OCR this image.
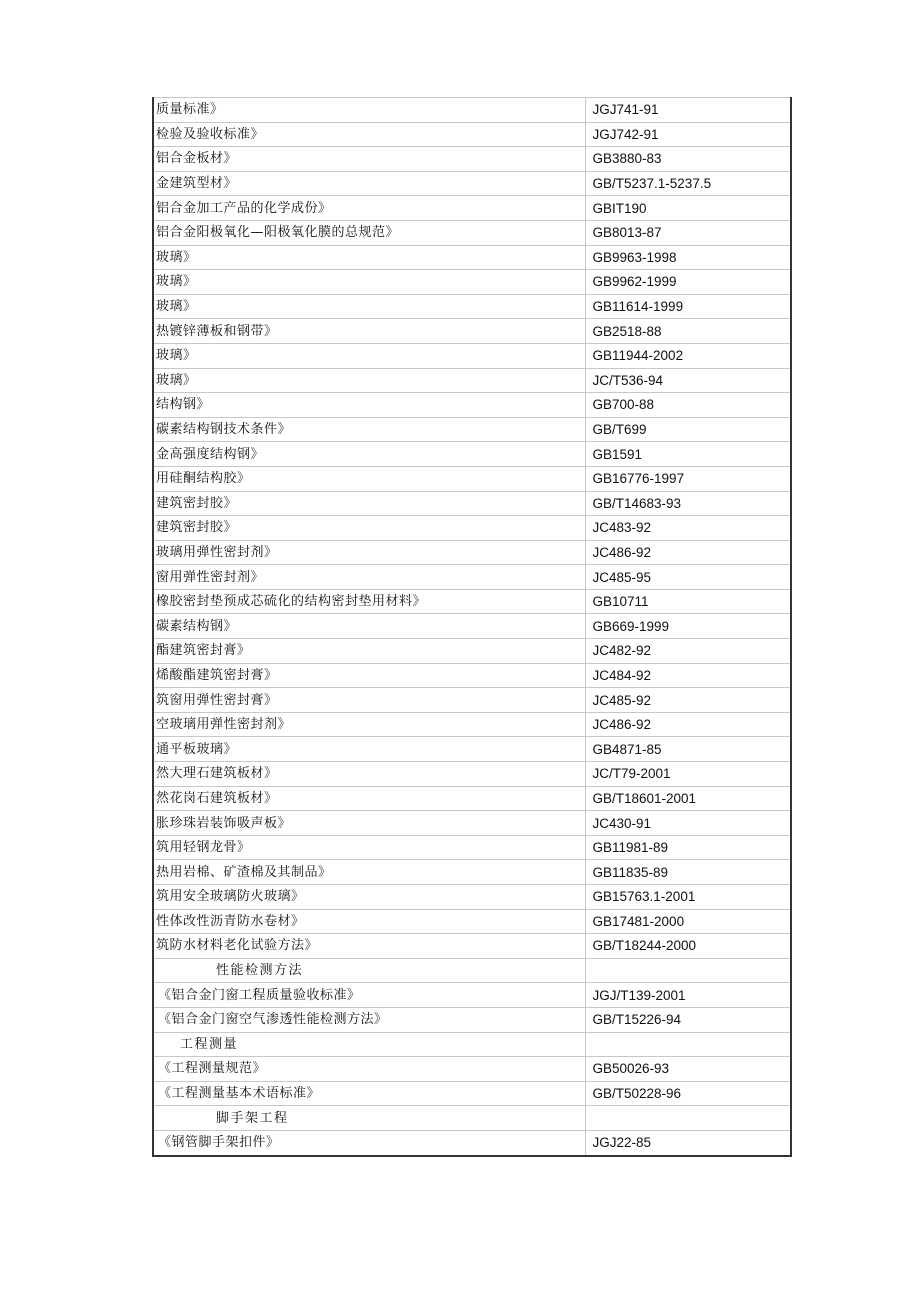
质量标准》	JGJ741-91
检验及验收标准》	JGJ742-91
铝合金板材》	GB3880-83
金建筑型材》	GB/T5237.1-5237.5
铝合金加工产品的化学成份》	GBIT190
铝合金阳极氧化—阳极氧化膜的总规范》	GB8013-87
玻璃》	GB9963-1998
玻璃》	GB9962-1999
玻璃》	GB11614-1999
热镀锌薄板和钢带》	GB2518-88
玻璃》	GB11944-2002
玻璃》	JC/T536-94
结构钢》	GB700-88
碳素结构钢技术条件》	GB/T699
金高强度结构钢》	GB1591
用硅酮结构胶》	GB16776-1997
建筑密封胶》	GB/T14683-93
建筑密封胶》	JC483-92
玻璃用弹性密封剂》	JC486-92
窗用弹性密封剂》	JC485-95
橡胶密封垫预成芯硫化的结构密封垫用材料》	GB10711
碳素结构钢》	GB669-1999
酯建筑密封膏》	JC482-92
烯酸酯建筑密封膏》	JC484-92
筑窗用弹性密封膏》	JC485-92
空玻璃用弹性密封剂》	JC486-92
通平板玻璃》	GB4871-85
然大理石建筑板材》	JC/T79-2001
然花岗石建筑板材》	GB/T18601-2001
胀珍珠岩装饰吸声板》	JC430-91
筑用轻钢龙骨》	GB11981-89
热用岩棉、矿渣棉及其制品》	GB11835-89
筑用安全玻璃防火玻璃》	GB15763.1-2001
性体改性沥青防水卷材》	GB17481-2000
筑防水材料老化试验方法》	GB/T18244-2000
性能检测方法	
《铝合金门窗工程质量验收标准》	JGJ/T139-2001
《铝合金门窗空气渗透性能检测方法》	GB/T15226-94
工程测量	
《工程测量规范》	GB50026-93
《工程测量基本术语标准》	GB/T50228-96
脚手架工程	
《钢管脚手架扣件》	JGJ22-85
